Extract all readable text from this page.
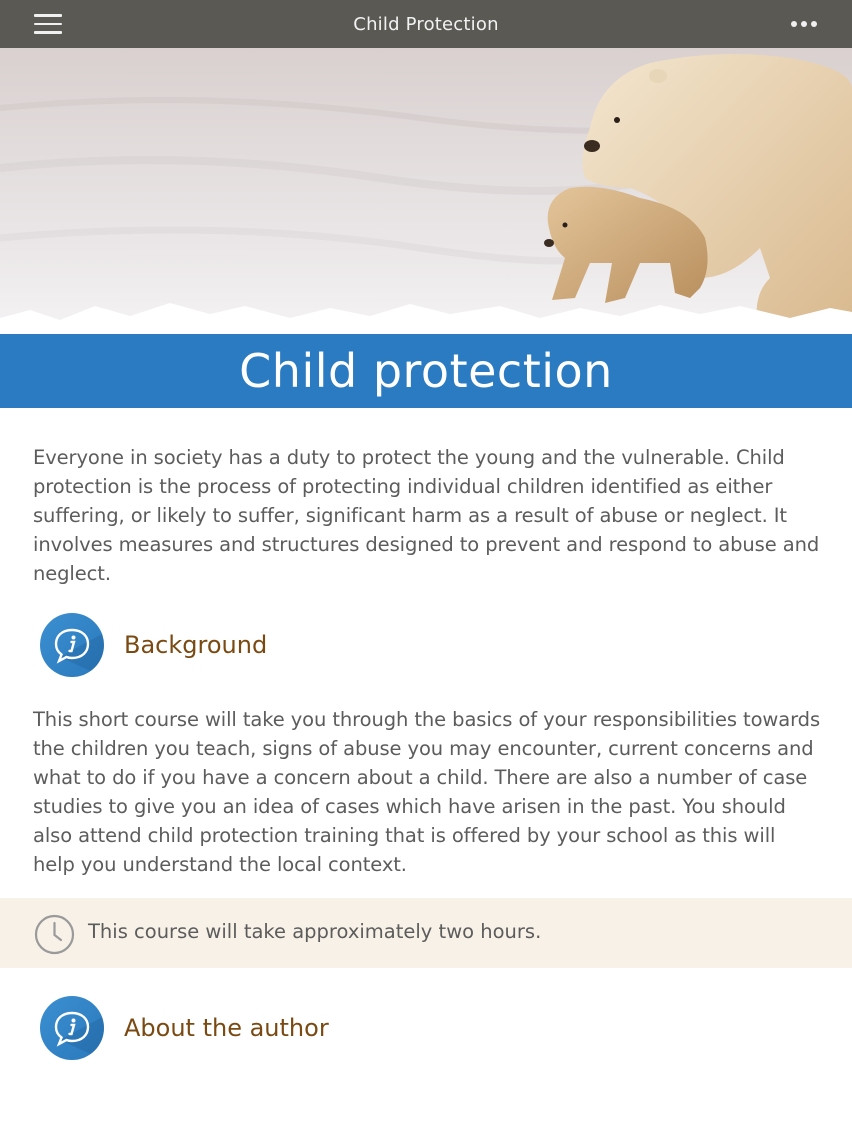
Child Protection
Child protection

Everyone in society has a duty to protect the young and the vulnerable. Child protection is the process of protecting individual children identified as either suffering, or likely to suffer, significant harm as a result of abuse or neglect. It involves measures and structures designed to prevent and respond to abuse and neglect.

Background

This short course will take you through the basics of your responsibilities towards the children you teach, signs of abuse you may encounter, current concerns and what to do if you have a concern about a child. There are also a number of case studies to give you an idea of cases which have arisen in the past. You should also attend child protection training that is offered by your school as this will help you understand the local context.

This course will take approximately two hours.
About the author
